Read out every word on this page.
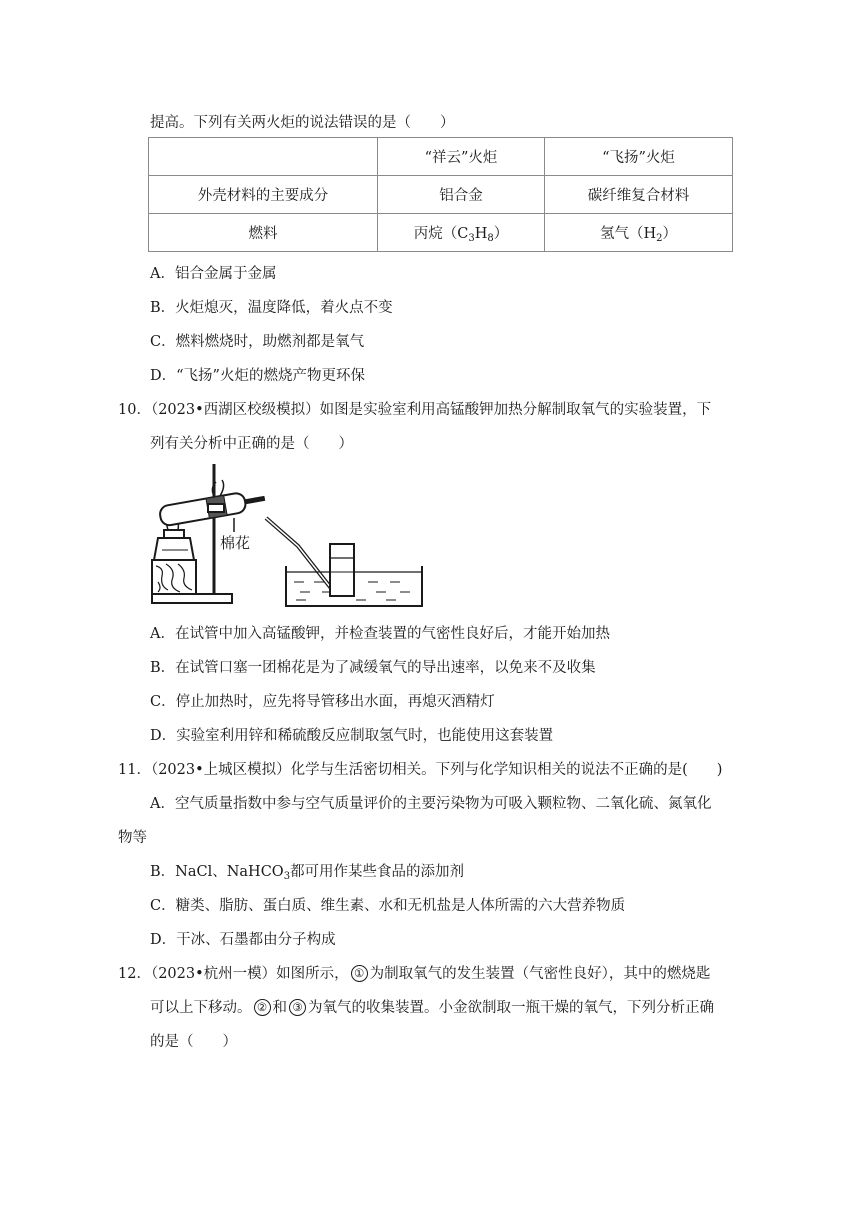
提高。下列有关两火炬的说法错误的是（　　）
	“祥云”火炬	“飞扬”火炬
外壳材料的主要成分	铝合金	碳纤维复合材料
燃料	丙烷$(C_3H_8)$	氢气$(H_2)$
A．铝合金属于金属
B．火炬熄灭，温度降低，着火点不变
C．燃料燃烧时，助燃剂都是氧气
D．“飞扬”火炬的燃烧产物更环保
10．（2023•西湖区校级模拟）如图是实验室利用高锰酸钾加热分解制取氧气的实验装置，下
列有关分析中正确的是（　　）
棉花
A．在试管中加入高锰酸钾，并检查装置的气密性良好后，才能开始加热
B．在试管口塞一团棉花是为了减缓氧气的导出速率，以免来不及收集
C．停止加热时，应先将导管移出水面，再熄灭酒精灯
D．实验室利用锌和稀硫酸反应制取氢气时，也能使用这套装置
11．（2023•上城区模拟）化学与生活密切相关。下列与化学知识相关的说法不正确的是(　　)
A．空气质量指数中参与空气质量评价的主要污染物为可吸入颗粒物、二氧化硫、氮氧化
物等
B．NaCl、NaHCO$_3$都可用作某些食品的添加剂
C．糖类、脂肪、蛋白质、维生素、水和无机盐是人体所需的六大营养物质
D．干冰、石墨都由分子构成
12．（2023•杭州一模）如图所示， ① 为制取氧气的发生装置（气密性良好），其中的燃烧匙
可以上下移动。 ② 和 ③ 为氧气的收集装置。小金欲制取一瓶干燥的氧气，下列分析正确
的是（　　）
